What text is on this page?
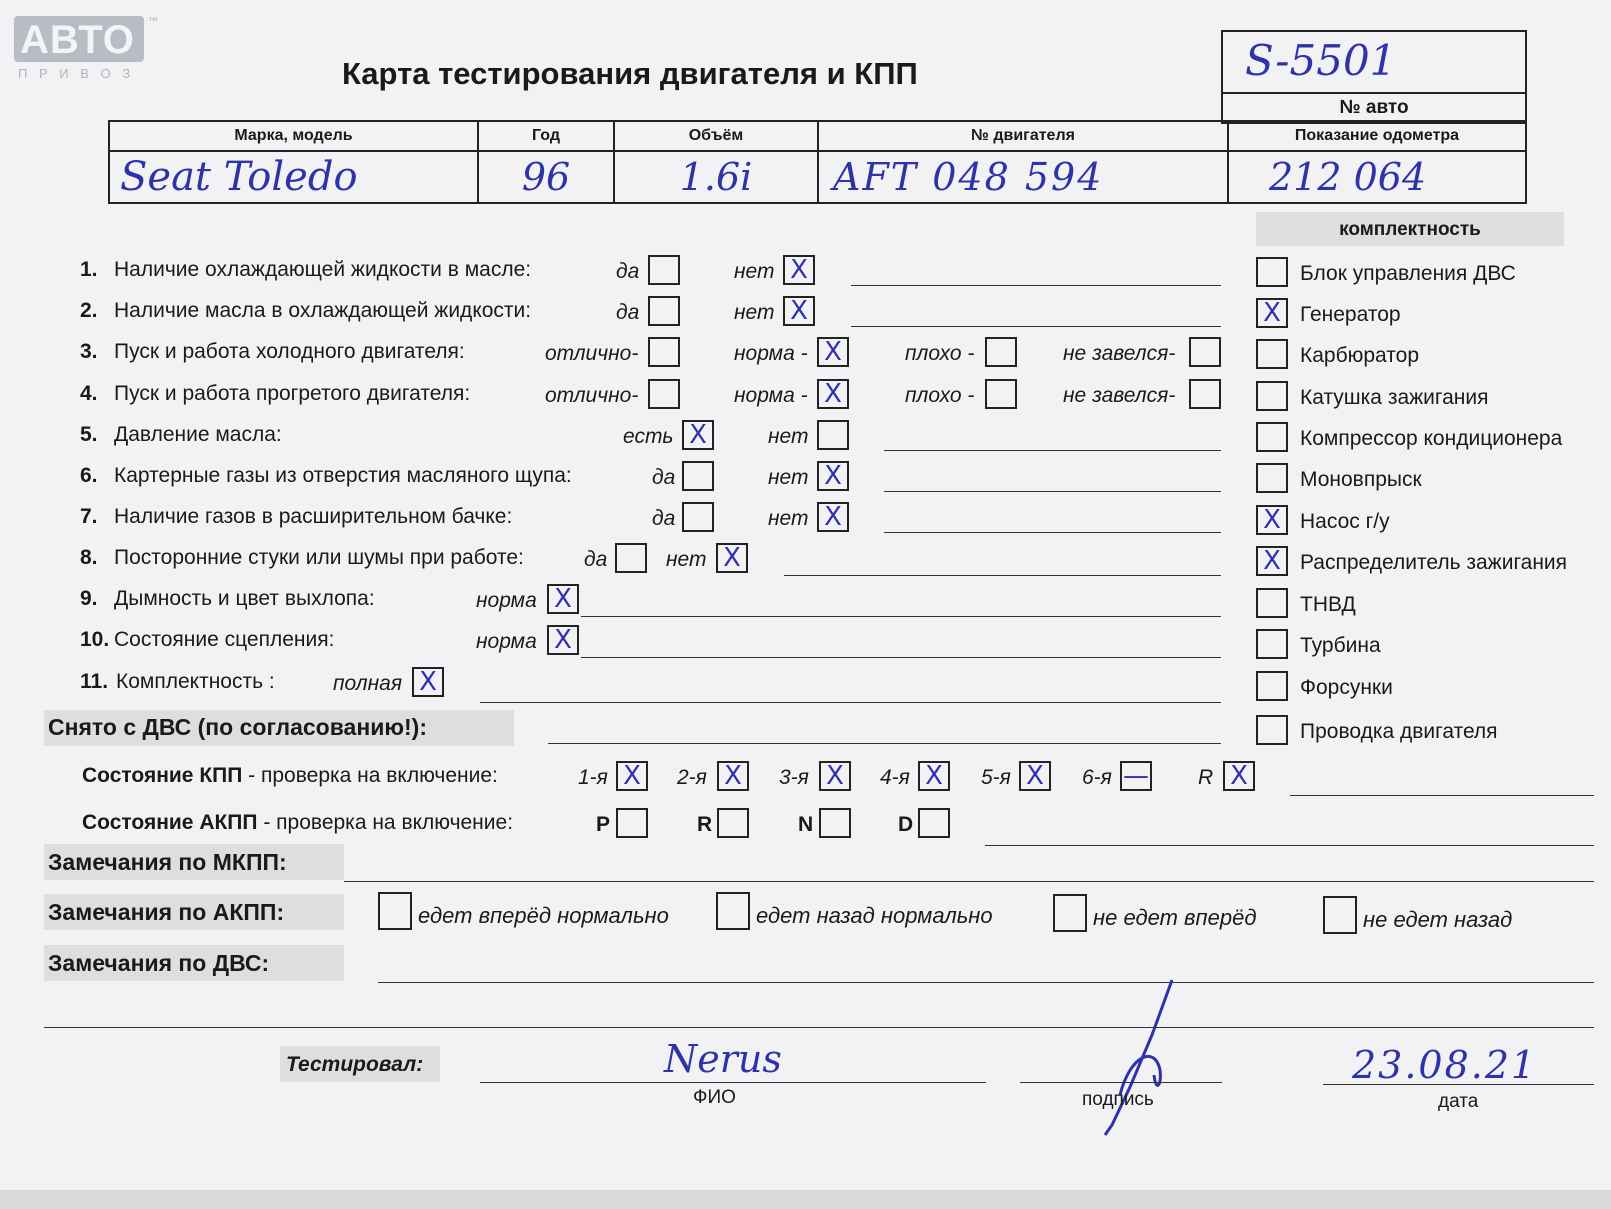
АВТО
П Р И В О З
™
Карта тестирования двигателя и КПП	S-5501
№ авто
Марка, модель	Год	Объём	№ двигателя	Показание одометра
Seat Toledo	96	1.6i	AFT 048 594	212 064
1. Наличие охлаждающей жидкости в масле:	да	нет X
2. Наличие масла в охлаждающей жидкости:	да	нет X
3. Пуск и работа холодного двигателя:	отлично-	норма - X	плохо -	не завелся-
4. Пуск и работа прогретого двигателя:	отлично-	норма - X	плохо -	не завелся-
5. Давление масла:	есть X	нет
6. Картерные газы из отверстия масляного щупа:	да	нет X
7. Наличие газов в расширительном бачке:	да	нет X
8. Посторонние стуки или шумы при работе:	да	нет X
9. Дымность и цвет выхлопа:	норма X
10. Состояние сцепления:	норма X
11. Комплектность :	полная X
комплектность
Блок управления ДВС
X Генератор
Карбюратор
Катушка зажигания
Компрессор кондиционера
Моновпрыск
X Насос г/у
X Распределитель зажигания
ТНВД
Турбина
Форсунки
Проводка двигателя
Снято с ДВС (по согласованию!):
Состояние КПП - проверка на включение:	1-я X 2-я X 3-я X 4-я X 5-я X 6-я — R X
Состояние АКПП - проверка на включение:	P	R	N	D
Замечания по МКПП:
Замечания по АКПП:	едет вперёд нормально	едет назад нормально	не едет вперёд	не едет назад
Замечания по ДВС:
Тестировал:	Nerus
ФИО	подпись
23.08.21
дата
